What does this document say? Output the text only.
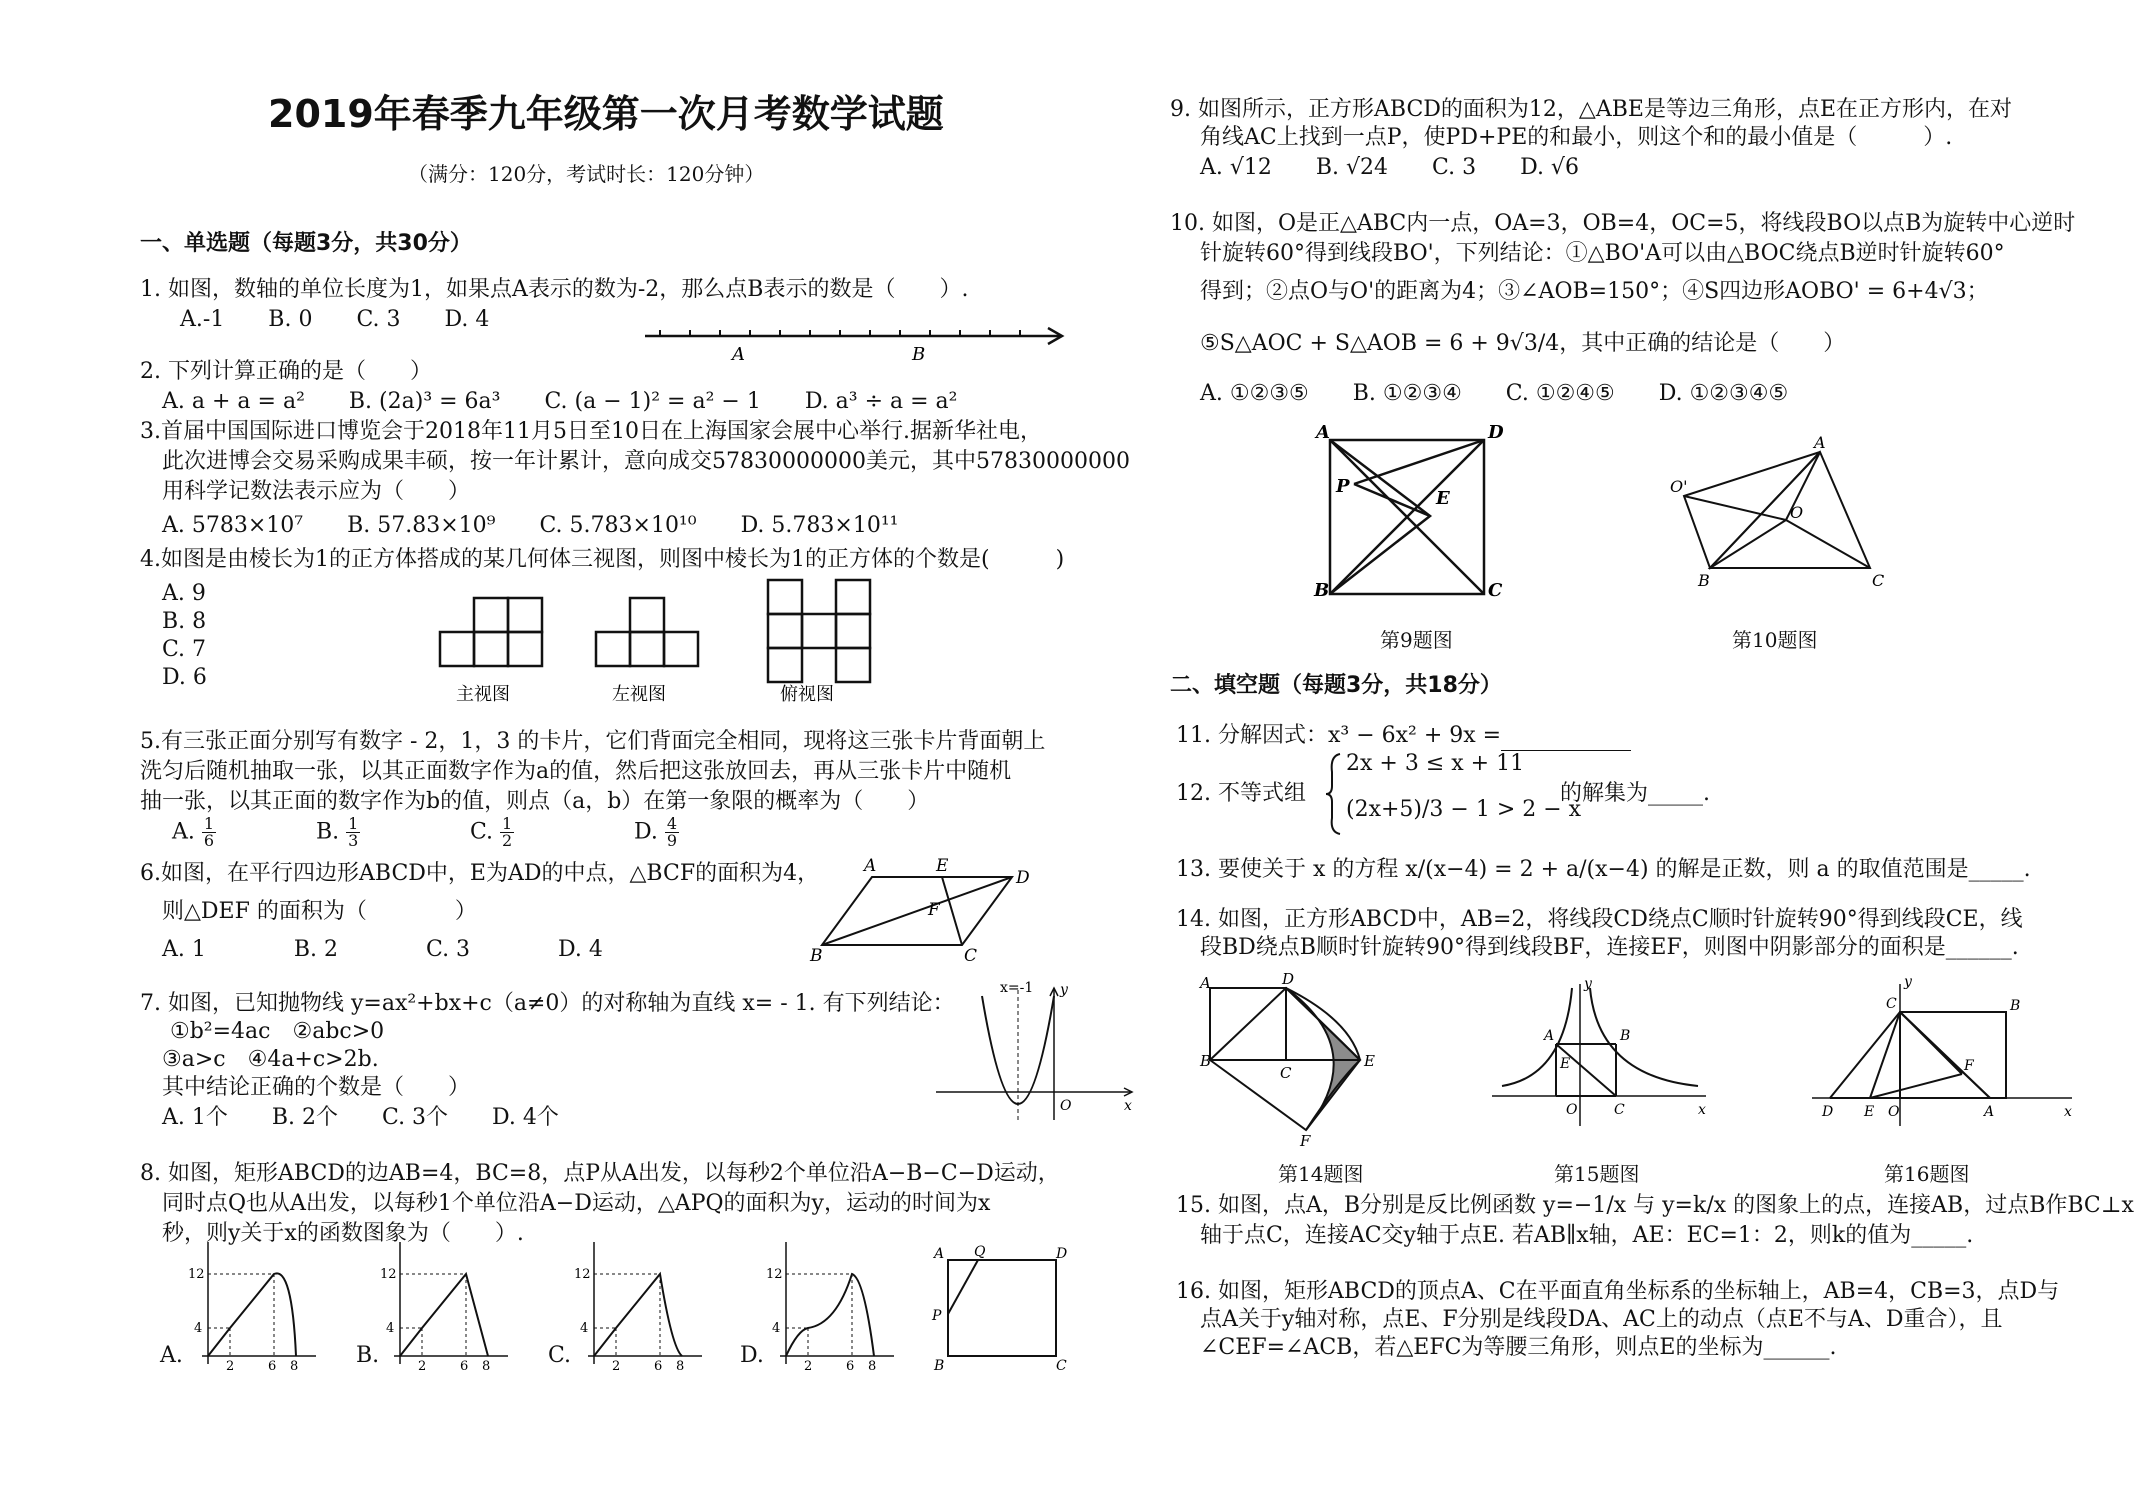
2019年春季九年级第一次月考数学试题
（满分：120分，考试时长：120分钟）
一、单选题（每题3分，共30分）
1. 如图，数轴的单位长度为1，如果点A表示的数为-2，那么点B表示的数是（　　）.
A.-1　　B. 0　　C. 3　　D. 4
A	B
2. 下列计算正确的是（　　）
A. a + a = a²　　B. (2a)³ = 6a³　　C. (a − 1)² = a² − 1　　D. a³ ÷ a = a²
3.首届中国国际进口博览会于2018年11月5日至10日在上海国家会展中心举行.据新华社电，
此次进博会交易采购成果丰硕，按一年计累计，意向成交57830000000美元，其中57830000000
用科学记数法表示应为（　　）
A. 5783×10⁷　　B. 57.83×10⁹　　C. 5.783×10¹⁰　　D. 5.783×10¹¹
4.如图是由棱长为1的正方体搭成的某几何体三视图，则图中棱长为1的正方体的个数是(　　　)
A. 9
B. 8
C. 7
D. 6
主视图	左视图	俯视图
5.有三张正面分别写有数字 - 2，1，3 的卡片，它们背面完全相同，现将这三张卡片背面朝上
洗匀后随机抽取一张，以其正面数字作为a的值，然后把这张放回去，再从三张卡片中随机
抽一张，以其正面的数字作为b的值，则点（a，b）在第一象限的概率为（　　）
A. $\frac{1}{6}$	B. $\frac{1}{3}$	C. $\frac{1}{2}$	D. $\frac{4}{9}$
6.如图，在平行四边形ABCD中，E为AD的中点，△BCF的面积为4，
则△DEF 的面积为（　　　　）
A. 1　　　　B. 2　　　　C. 3　　　　D. 4
A	E
D
F
B	C
7. 如图，已知抛物线 y=ax²+bx+c（a≠0）的对称轴为直线 x= - 1. 有下列结论：
①b²=4ac　②abc>0
③a>c　④4a+c>2b.
其中结论正确的个数是（　　）
A. 1个　　B. 2个　　C. 3个　　D. 4个
x=-1 y
x
O
8. 如图，矩形ABCD的边AB=4，BC=8，点P从A出发，以每秒2个单位沿A−B−C−D运动，
同时点Q也从A出发，以每秒1个单位沿A−D运动，△APQ的面积为y，运动的时间为x
秒，则y关于x的函数图象为（　　）.
A.	B.	C.	D.
12
4
2	6 8
12
4
2	6 8
12
4
2	6 8
12
4
2	6 8
A Q	D
P
B	C
9. 如图所示，正方形ABCD的面积为12，△ABE是等边三角形，点E在正方形内，在对
角线AC上找到一点P，使PD+PE的和最小，则这个和的最小值是（　　　）.
A. √12　　B. √24　　C. 3　　D. √6
10. 如图，O是正△ABC内一点，OA=3，OB=4，OC=5，将线段BO以点B为旋转中心逆时
针旋转60°得到线段BO'，下列结论：①△BO'A可以由△BOC绕点B逆时针旋转60°
得到；②点O与O'的距离为4；③∠AOB=150°；④S四边形AOBO' = 6+4√3；
⑤S△AOC + S△AOB = 6 + 9√3/4，其中正确的结论是（　　）
A. ①②③⑤　　B. ①②③④　　C. ①②④⑤　　D. ①②③④⑤
A	D
P
E
B	C
第9题图
A
O'
O
B	C
第10题图
二、填空题（每题3分，共18分）
11. 分解因式：x³ − 6x² + 9x =
12. 不等式组
2x + 3 ≤ x + 11
(2x+5)/3 − 1 > 2 − x
的解集为_____.
13. 要使关于 x 的方程 x/(x−4) = 2 + a/(x−4) 的解是正数，则 a 的取值范围是_____.
14. 如图，正方形ABCD中，AB=2，将线段CD绕点C顺时针旋转90°得到线段CE，线
段BD绕点B顺时针旋转90°得到线段BF，连接EF，则图中阴影部分的面积是______.
A	D
B
C
E
F
第14题图
y
A	B
E
O	C	x
第15题图
y
C	B
F
D E O	A	x
第16题图
15. 如图，点A，B分别是反比例函数 y=−1/x 与 y=k/x 的图象上的点，连接AB，过点B作BC⊥x
轴于点C，连接AC交y轴于点E. 若AB∥x轴，AE：EC=1：2，则k的值为_____.
16. 如图，矩形ABCD的顶点A、C在平面直角坐标系的坐标轴上，AB=4，CB=3，点D与
点A关于y轴对称，点E、F分别是线段DA、AC上的动点（点E不与A、D重合），且
∠CEF=∠ACB，若△EFC为等腰三角形，则点E的坐标为______.
